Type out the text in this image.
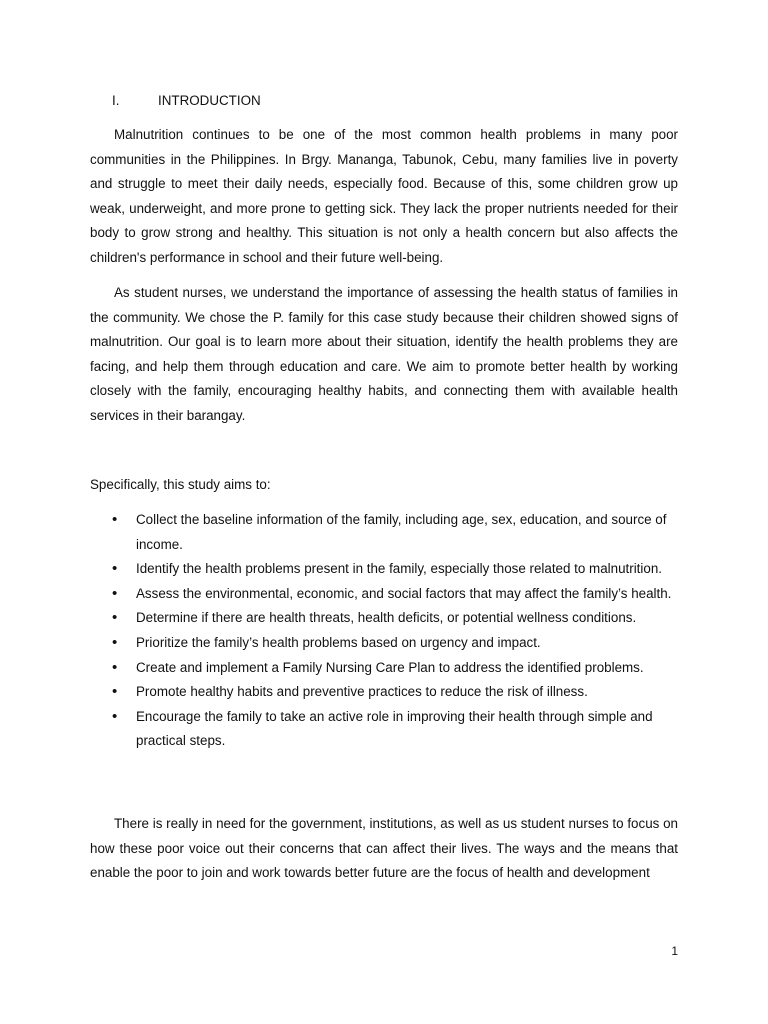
I.	INTRODUCTION

Malnutrition continues to be one of the most common health problems in many poor communities in the Philippines. In Brgy. Mananga, Tabunok, Cebu, many families live in poverty and struggle to meet their daily needs, especially food. Because of this, some children grow up weak, underweight, and more prone to getting sick. They lack the proper nutrients needed for their body to grow strong and healthy. This situation is not only a health concern but also affects the children's performance in school and their future well-being.

As student nurses, we understand the importance of assessing the health status of families in the community. We chose the P. family for this case study because their children showed signs of malnutrition. Our goal is to learn more about their situation, identify the health problems they are facing, and help them through education and care. We aim to promote better health by working closely with the family, encouraging healthy habits, and connecting them with available health services in their barangay.

Specifically, this study aims to:

• Collect the baseline information of the family, including age, sex, education, and source of income.
• Identify the health problems present in the family, especially those related to malnutrition.
• Assess the environmental, economic, and social factors that may affect the family’s health.
• Determine if there are health threats, health deficits, or potential wellness conditions.
• Prioritize the family’s health problems based on urgency and impact.
• Create and implement a Family Nursing Care Plan to address the identified problems.
• Promote healthy habits and preventive practices to reduce the risk of illness.
• Encourage the family to take an active role in improving their health through simple and practical steps.

There is really in need for the government, institutions, as well as us student nurses to focus on how these poor voice out their concerns that can affect their lives. The ways and the means that enable the poor to join and work towards better future are the focus of health and development

1
